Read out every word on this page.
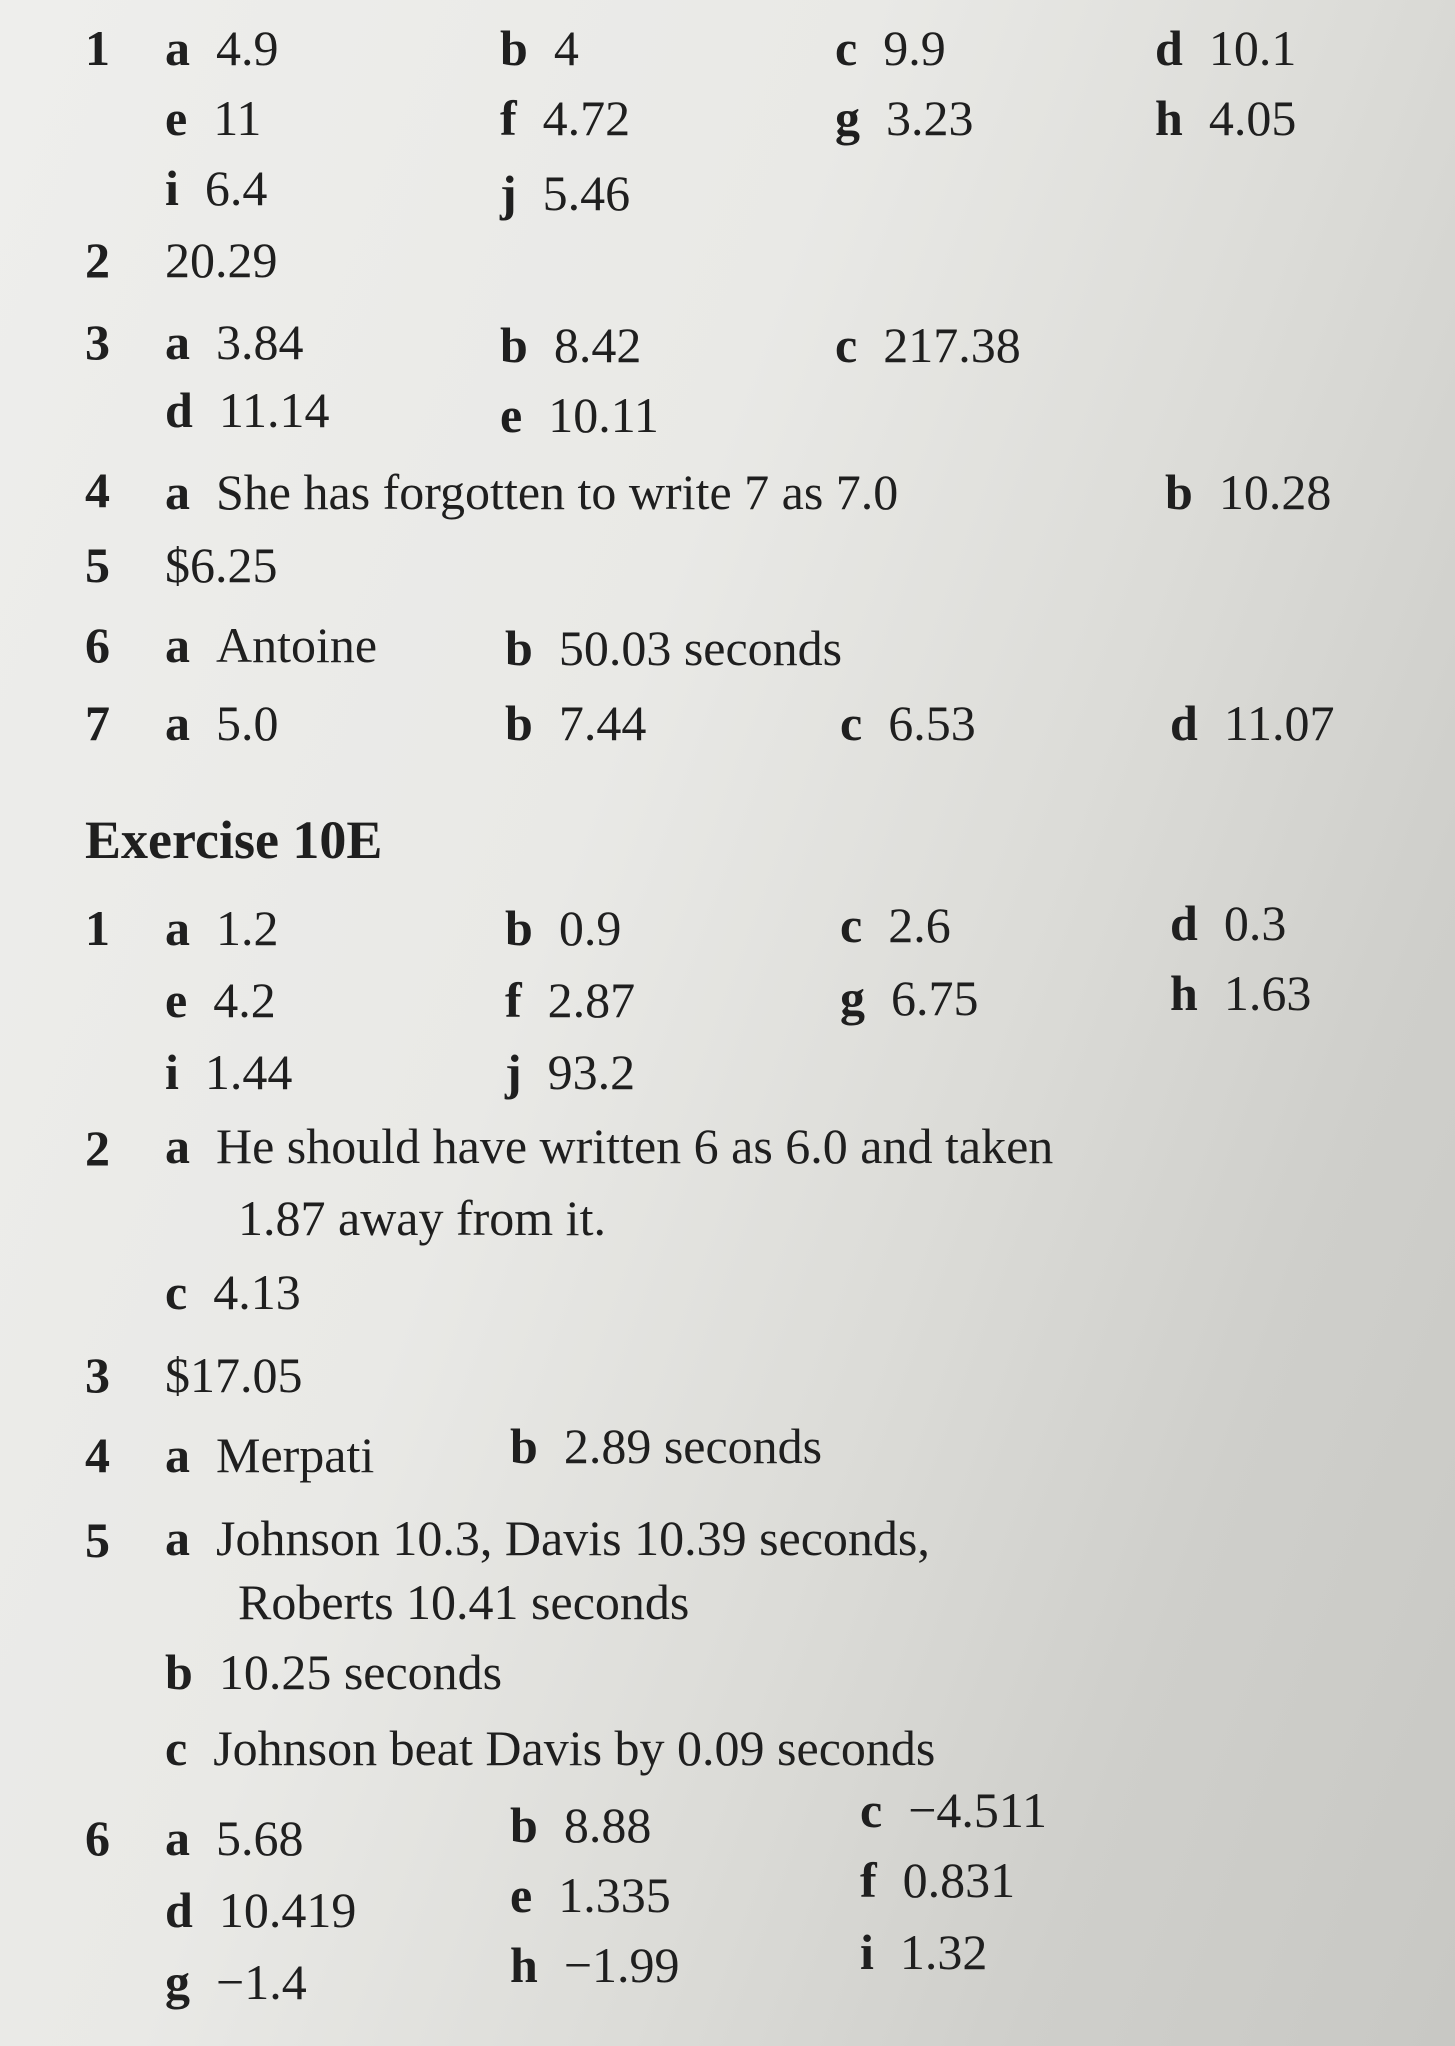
1 a 4.9	b 4	c 9.9	d 10.1
e 11	f 4.72	g 3.23	h 4.05
i 6.4	j 5.46
2 20.29
3 a 3.84	b 8.42	c 217.38
d 11.14	e 10.11
4 a She has forgotten to write 7 as 7.0	b 10.28
5 $6.25
6 a Antoine	b 50.03 seconds
7 a 5.0	b 7.44	c 6.53	d 11.07
Exercise 10E
1 a 1.2	b 0.9	c 2.6	d 0.3
e 4.2	f 2.87	g 6.75	h 1.63
i 1.44	j 93.2
2 a He should have written 6 as 6.0 and taken
1.87 away from it.
c 4.13
3 $17.05
4 a Merpati	b 2.89 seconds
5 a Johnson 10.3, Davis 10.39 seconds,
Roberts 10.41 seconds
b 10.25 seconds
c Johnson beat Davis by 0.09 seconds
6 a 5.68	b 8.88	c −4.511
d 10.419	e 1.335	f 0.831
g −1.4	h −1.99	i 1.32
